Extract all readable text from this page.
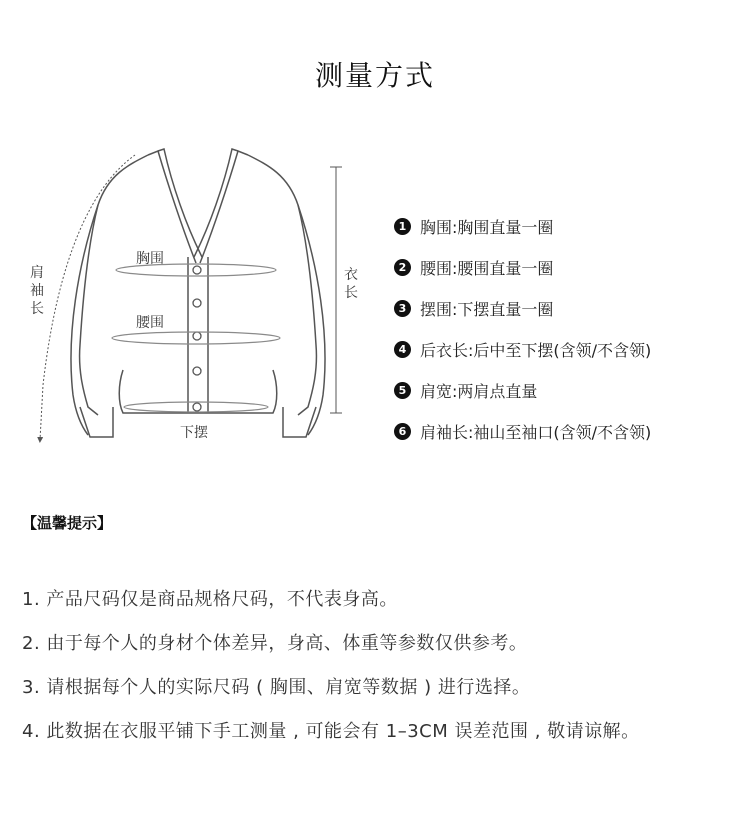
测量方式
胸围
腰围
下摆
肩
袖
长
衣
长
1 胸围:胸围直量一圈
2 腰围:腰围直量一圈
3 摆围:下摆直量一圈
4 后衣长:后中至下摆(含领/不含领)
5 肩宽:两肩点直量
6 肩袖长:袖山至袖口(含领/不含领)
【温馨提示】
1. 产品尺码仅是商品规格尺码，不代表身高。
2. 由于每个人的身材个体差异，身高、体重等参数仅供参考。
3. 请根据每个人的实际尺码 ( 胸围、肩宽等数据 ) 进行选择。
4. 此数据在衣服平铺下手工测量 , 可能会有 1–3CM 误差范围 , 敬请谅解。
